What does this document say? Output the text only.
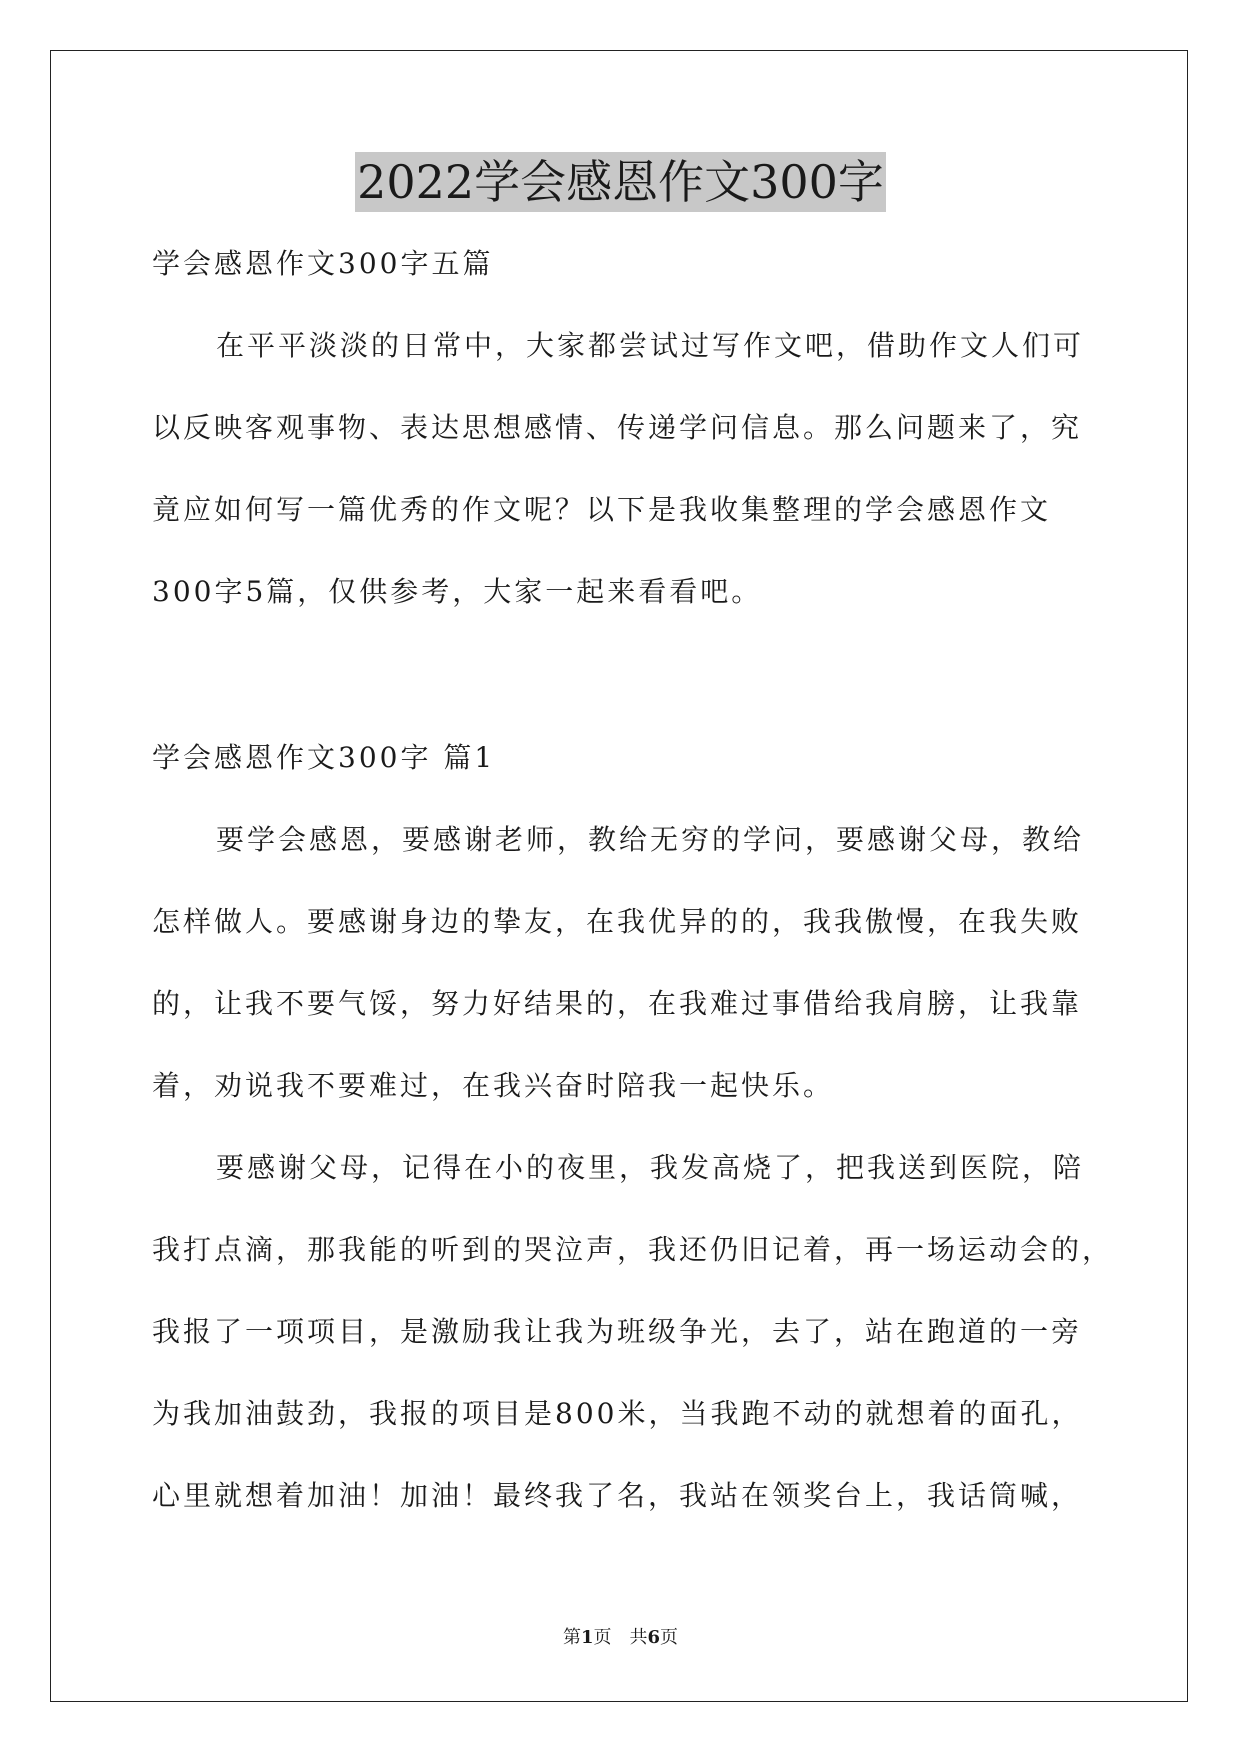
2022学会感恩作文300字
学会感恩作文300字五篇
在平平淡淡的日常中，大家都尝试过写作文吧，借助作文人们可
以反映客观事物、表达思想感情、传递学问信息。那么问题来了，究
竟应如何写一篇优秀的作文呢？以下是我收集整理的学会感恩作文
300字5篇，仅供参考，大家一起来看看吧。
学会感恩作文300字 篇1
要学会感恩，要感谢老师，教给无穷的学问，要感谢父母，教给
怎样做人。要感谢身边的挚友，在我优异的的，我我傲慢，在我失败
的，让我不要气馁，努力好结果的，在我难过事借给我肩膀，让我靠
着，劝说我不要难过，在我兴奋时陪我一起快乐。
要感谢父母，记得在小的夜里，我发高烧了，把我送到医院，陪
我打点滴，那我能的听到的哭泣声，我还仍旧记着，再一场运动会的，
我报了一项项目，是激励我让我为班级争光，去了，站在跑道的一旁
为我加油鼓劲，我报的项目是800米，当我跑不动的就想着的面孔，
心里就想着加油！加油！最终我了名，我站在领奖台上，我话筒喊，
第1页 共6页
